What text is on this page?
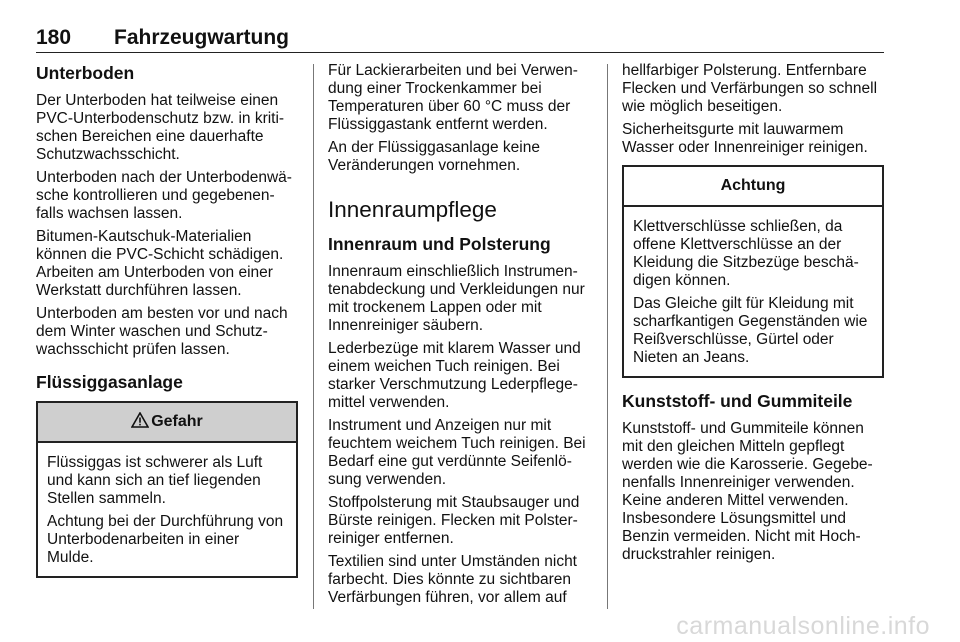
180 Fahrzeugwartung
Unterboden

Der Unterboden hat teilweise einen PVC-Unterbodenschutz bzw. in kriti-schen Bereichen eine dauerhafte Schutzwachsschicht.

Unterboden nach der Unterbodenwä-sche kontrollieren und gegebenen-falls wachsen lassen.

Bitumen-Kautschuk-Materialien können die PVC-Schicht schädigen. Arbeiten am Unterboden von einer Werkstatt durchführen lassen.

Unterboden am besten vor und nach dem Winter waschen und Schutz-wachsschicht prüfen lassen.

Flüssiggasanlage
Gefahr

Flüssiggas ist schwerer als Luft und kann sich an tief liegenden Stellen sammeln.

Achtung bei der Durchführung von Unterbodenarbeiten in einer Mulde.

Für Lackierarbeiten und bei Verwen-dung einer Trockenkammer bei Temperaturen über 60 °C muss der Flüssiggastank entfernt werden.

An der Flüssiggasanlage keine Veränderungen vornehmen.

Innenraumpflege
Innenraum und Polsterung

Innenraum einschließlich Instrumen-tenabdeckung und Verkleidungen nur mit trockenem Lappen oder mit Innenreiniger säubern.

Lederbezüge mit klarem Wasser und einem weichen Tuch reinigen. Bei starker Verschmutzung Lederpflege-mittel verwenden.

Instrument und Anzeigen nur mit feuchtem weichem Tuch reinigen. Bei Bedarf eine gut verdünnte Seifenlö-sung verwenden.

Stoffpolsterung mit Staubsauger und Bürste reinigen. Flecken mit Polster-reiniger entfernen.

Textilien sind unter Umständen nicht farbecht. Dies könnte zu sichtbaren Verfärbungen führen, vor allem auf

hellfarbiger Polsterung. Entfernbare Flecken und Verfärbungen so schnell wie möglich beseitigen.

Sicherheitsgurte mit lauwarmem Wasser oder Innenreiniger reinigen.

Achtung

Klettverschlüsse schließen, da offene Klettverschlüsse an der Kleidung die Sitzbezüge beschä-digen können.

Das Gleiche gilt für Kleidung mit scharfkantigen Gegenständen wie Reißverschlüsse, Gürtel oder Nieten an Jeans.

Kunststoff- und Gummiteile

Kunststoff- und Gummiteile können mit den gleichen Mitteln gepflegt werden wie die Karosserie. Gegebe-nenfalls Innenreiniger verwenden. Keine anderen Mittel verwenden. Insbesondere Lösungsmittel und Benzin vermeiden. Nicht mit Hoch-druckstrahler reinigen.

carmanualsonline.info
